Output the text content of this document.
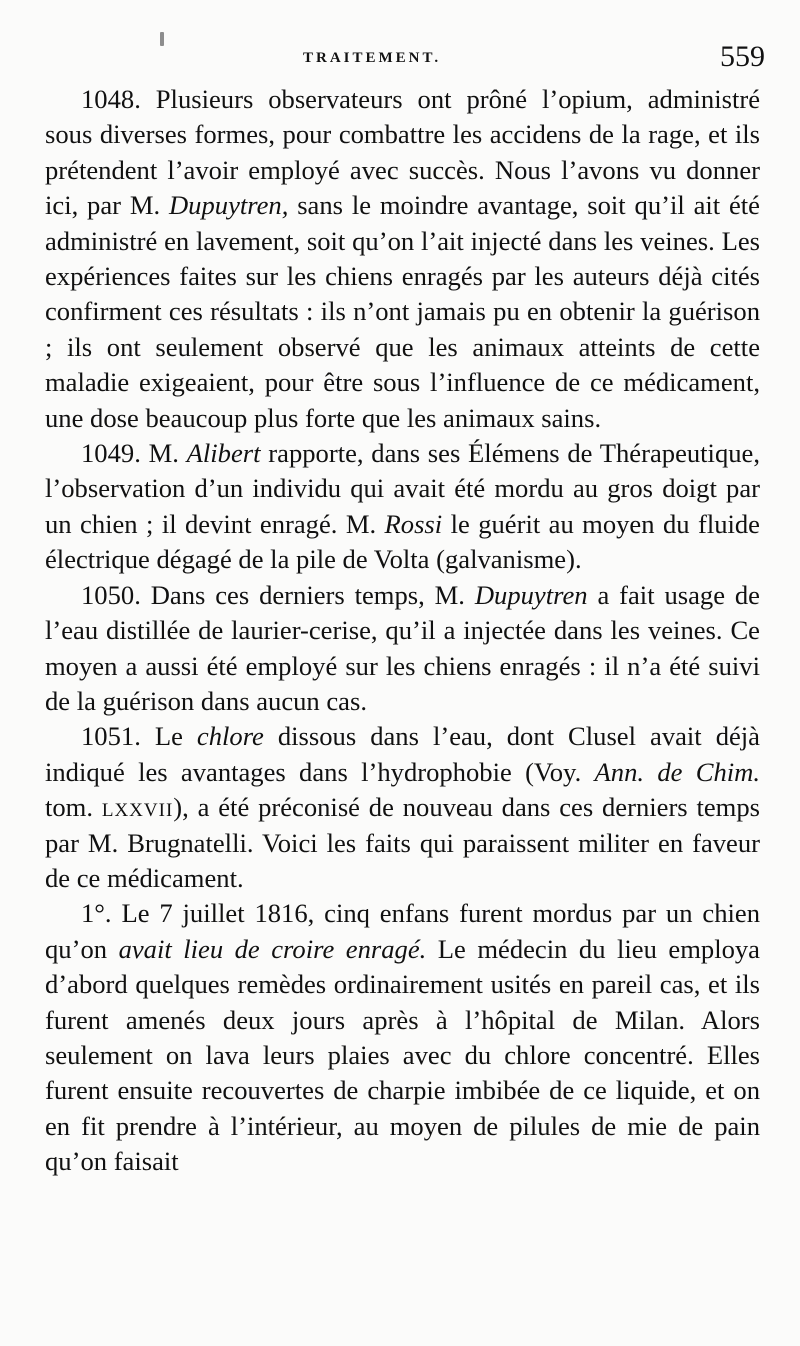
TRAITEMENT.	559

1048. Plusieurs observateurs ont prôné l’opium, administré sous diverses formes, pour combattre les accidens de la rage, et ils prétendent l’avoir employé avec succès. Nous l’avons vu donner ici, par M. Dupuytren, sans le moindre avantage, soit qu’il ait été administré en lavement, soit qu’on l’ait injecté dans les veines. Les expériences faites sur les chiens enragés par les auteurs déjà cités confirment ces résultats : ils n’ont jamais pu en obtenir la guérison ; ils ont seulement observé que les animaux atteints de cette maladie exigeaient, pour être sous l’influence de ce médicament, une dose beaucoup plus forte que les animaux sains.

1049. M. Alibert rapporte, dans ses Élémens de Thérapeutique, l’observation d’un individu qui avait été mordu au gros doigt par un chien ; il devint enragé. M. Rossi le guérit au moyen du fluide électrique dégagé de la pile de Volta (galvanisme).

1050. Dans ces derniers temps, M. Dupuytren a fait usage de l’eau distillée de laurier-cerise, qu’il a injectée dans les veines. Ce moyen a aussi été employé sur les chiens enragés : il n’a été suivi de la guérison dans aucun cas.

1051. Le chlore dissous dans l’eau, dont Clusel avait déjà indiqué les avantages dans l’hydrophobie (Voy. Ann. de Chim. tom. lxxvii), a été préconisé de nouveau dans ces derniers temps par M. Brugnatelli. Voici les faits qui paraissent militer en faveur de ce médicament.

1°. Le 7 juillet 1816, cinq enfans furent mordus par un chien qu’on avait lieu de croire enragé. Le médecin du lieu employa d’abord quelques remèdes ordinairement usités en pareil cas, et ils furent amenés deux jours après à l’hôpital de Milan. Alors seulement on lava leurs plaies avec du chlore concentré. Elles furent ensuite recouvertes de charpie imbibée de ce liquide, et on en fit prendre à l’intérieur, au moyen de pilules de mie de pain qu’on faisait
